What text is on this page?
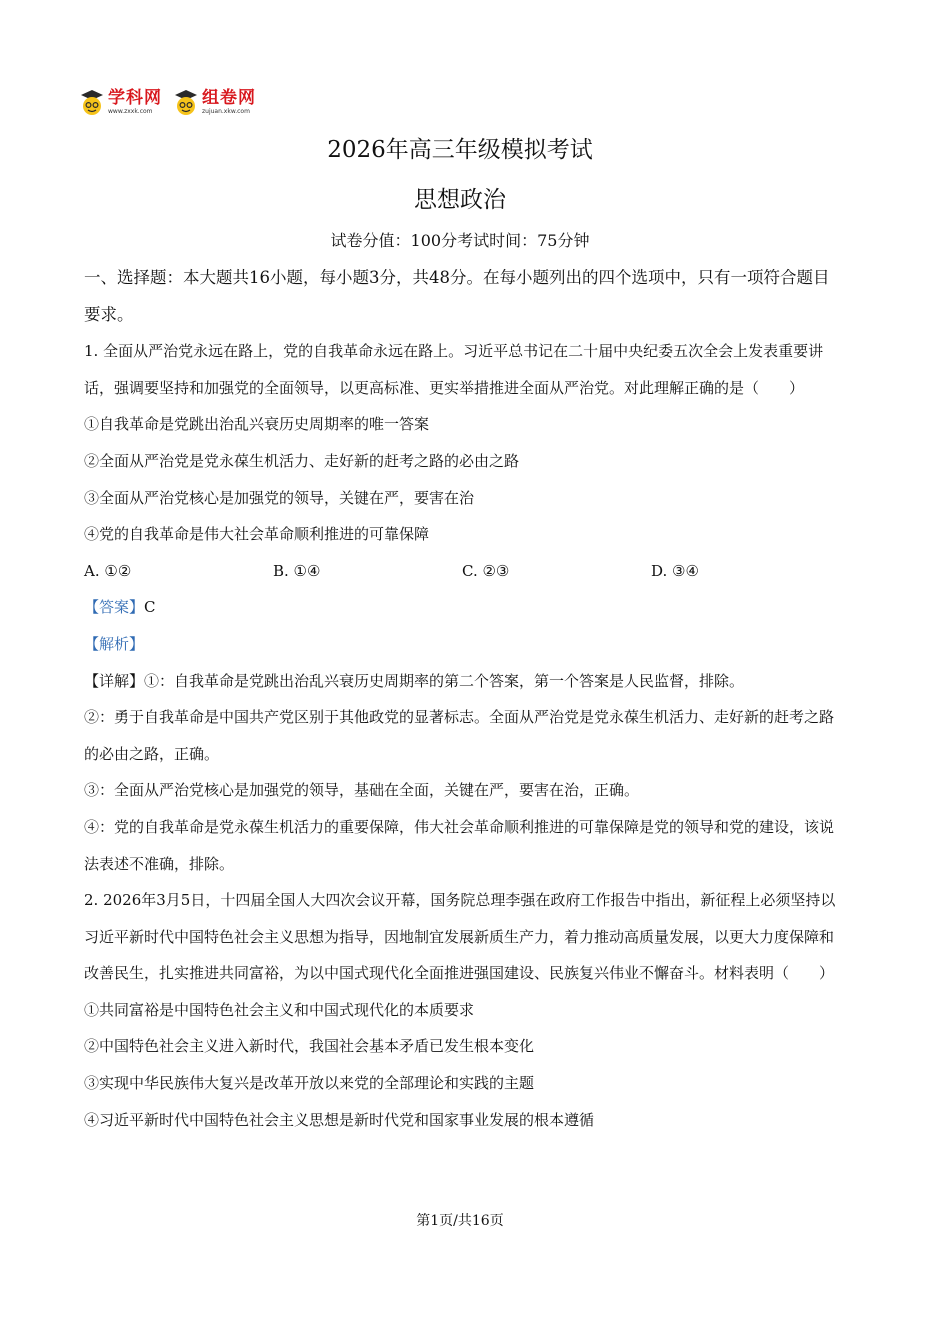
学科网
www.zxxk.com
组卷网
zujuan.xkw.com
2026年高三年级模拟考试
思想政治
试卷分值：100分考试时间：75分钟

一、选择题：本大题共16小题，每小题3分，共48分。在每小题列出的四个选项中，只有一项符合题目要求。

1. 全面从严治党永远在路上，党的自我革命永远在路上。习近平总书记在二十届中央纪委五次全会上发表重要讲话，强调要坚持和加强党的全面领导，以更高标准、更实举措推进全面从严治党。对此理解正确的是（　　）

①自我革命是党跳出治乱兴衰历史周期率的唯一答案

②全面从严治党是党永葆生机活力、走好新的赶考之路的必由之路

③全面从严治党核心是加强党的领导，关键在严，要害在治

④党的自我革命是伟大社会革命顺利推进的可靠保障

A. ①②	B. ①④	C. ②③	D. ③④

【答案】C

【解析】

【详解】①：自我革命是党跳出治乱兴衰历史周期率的第二个答案，第一个答案是人民监督，排除。

②：勇于自我革命是中国共产党区别于其他政党的显著标志。全面从严治党是党永葆生机活力、走好新的赶考之路的必由之路，正确。

③：全面从严治党核心是加强党的领导，基础在全面，关键在严，要害在治，正确。

④：党的自我革命是党永葆生机活力的重要保障，伟大社会革命顺利推进的可靠保障是党的领导和党的建设，该说法表述不准确，排除。

2. 2026年3月5日，十四届全国人大四次会议开幕，国务院总理李强在政府工作报告中指出，新征程上必须坚持以习近平新时代中国特色社会主义思想为指导，因地制宜发展新质生产力，着力推动高质量发展，以更大力度保障和改善民生，扎实推进共同富裕，为以中国式现代化全面推进强国建设、民族复兴伟业不懈奋斗。材料表明（　　）

①共同富裕是中国特色社会主义和中国式现代化的本质要求

②中国特色社会主义进入新时代，我国社会基本矛盾已发生根本变化

③实现中华民族伟大复兴是改革开放以来党的全部理论和实践的主题

④习近平新时代中国特色社会主义思想是新时代党和国家事业发展的根本遵循

第1页/共16页
